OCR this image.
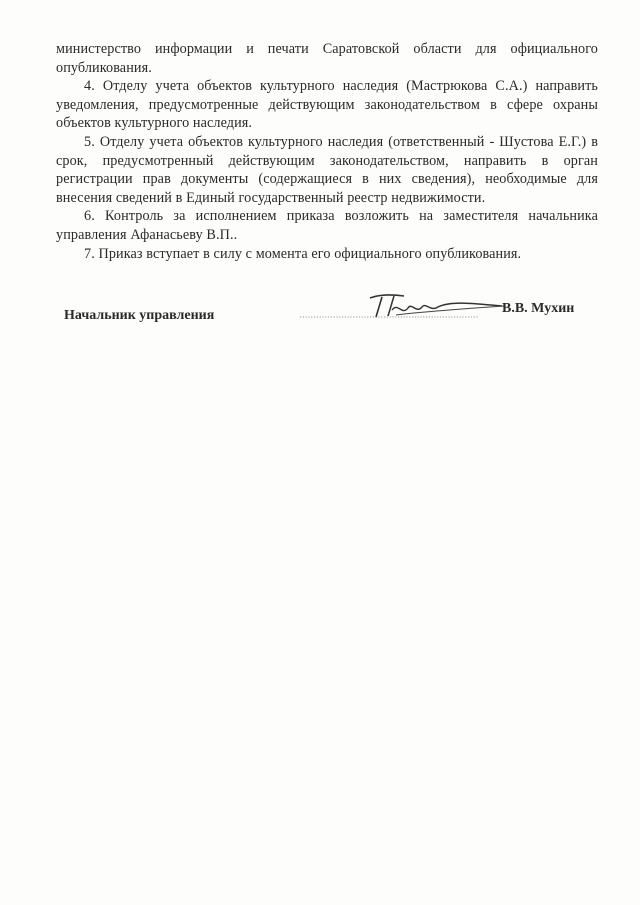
министерство информации и печати Саратовской области для официального опубликования.

4. Отделу учета объектов культурного наследия (Мастрюкова С.А.) направить уведомления, предусмотренные действующим законодательством в сфере охраны объектов культурного наследия.

5. Отделу учета объектов культурного наследия (ответственный - Шустова Е.Г.) в срок, предусмотренный действующим законодательством, направить в орган регистрации прав документы (содержащиеся в них сведения), необходимые для внесения сведений в Единый государственный реестр недвижимости.

6. Контроль за исполнением приказа возложить на заместителя начальника управления Афанасьеву В.П..

7. Приказ вступает в силу с момента его официального опубликования.

Начальник управления	В.В. Мухин
